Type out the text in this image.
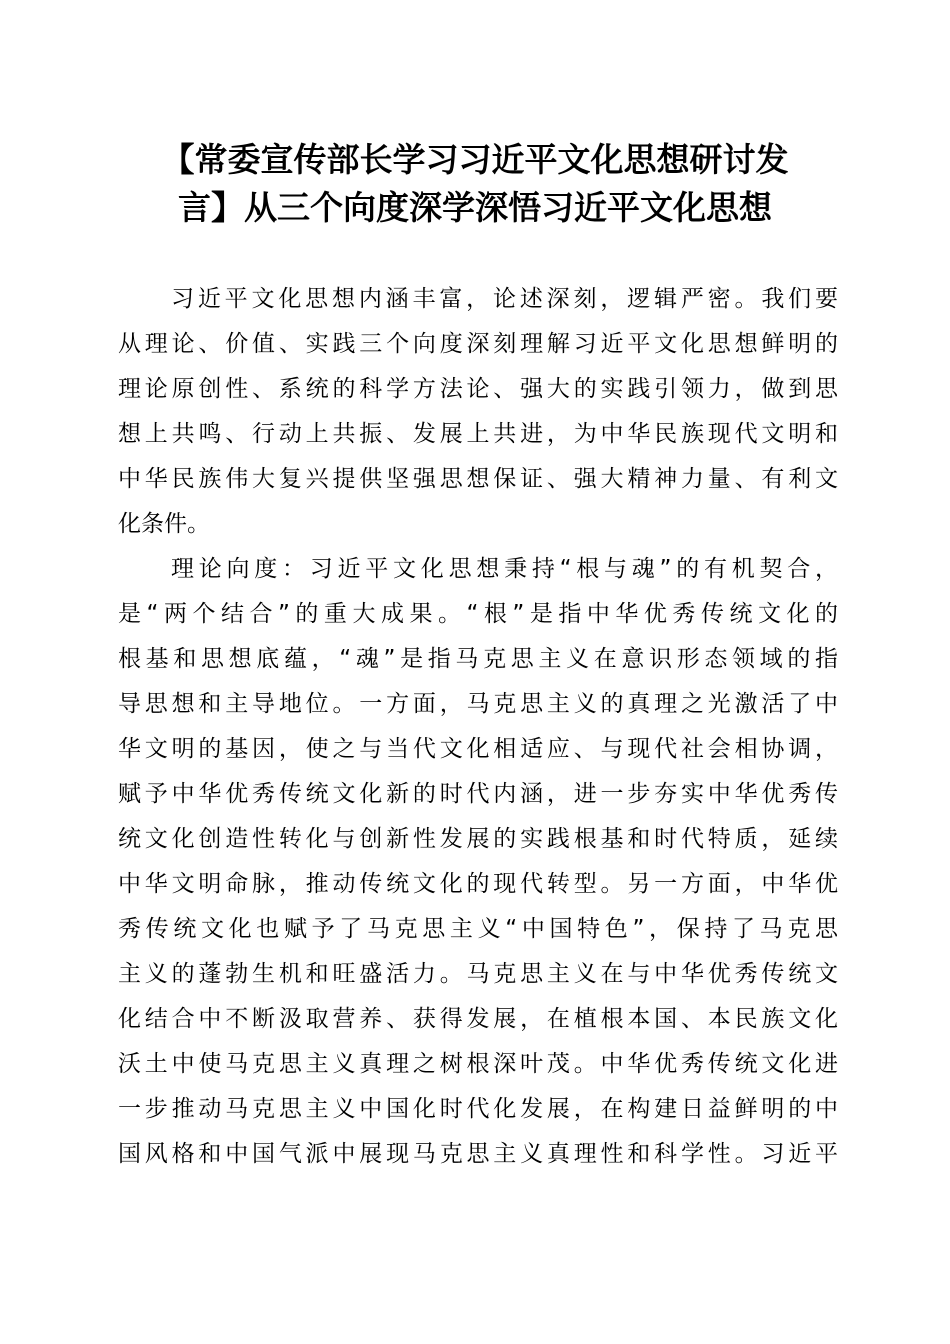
【常委宣传部长学习习近平文化思想研讨发
言】从三个向度深学深悟习近平文化思想
习近平文化思想内涵丰富，论述深刻，逻辑严密。我们要
从理论、价值、实践三个向度深刻理解习近平文化思想鲜明的
理论原创性、系统的科学方法论、强大的实践引领力，做到思
想上共鸣、行动上共振、发展上共进，为中华民族现代文明和
中华民族伟大复兴提供坚强思想保证、强大精神力量、有利文
化条件。
理论向度：习近平文化思想秉持“根与魂”的有机契合，
是“两个结合”的重大成果。“根”是指中华优秀传统文化的
根基和思想底蕴，“魂”是指马克思主义在意识形态领域的指
导思想和主导地位。一方面，马克思主义的真理之光激活了中
华文明的基因，使之与当代文化相适应、与现代社会相协调，
赋予中华优秀传统文化新的时代内涵，进一步夯实中华优秀传
统文化创造性转化与创新性发展的实践根基和时代特质，延续
中华文明命脉，推动传统文化的现代转型。另一方面，中华优
秀传统文化也赋予了马克思主义“中国特色”，保持了马克思
主义的蓬勃生机和旺盛活力。马克思主义在与中华优秀传统文
化结合中不断汲取营养、获得发展，在植根本国、本民族文化
沃土中使马克思主义真理之树根深叶茂。中华优秀传统文化进
一步推动马克思主义中国化时代化发展，在构建日益鲜明的中
国风格和中国气派中展现马克思主义真理性和科学性。习近平
